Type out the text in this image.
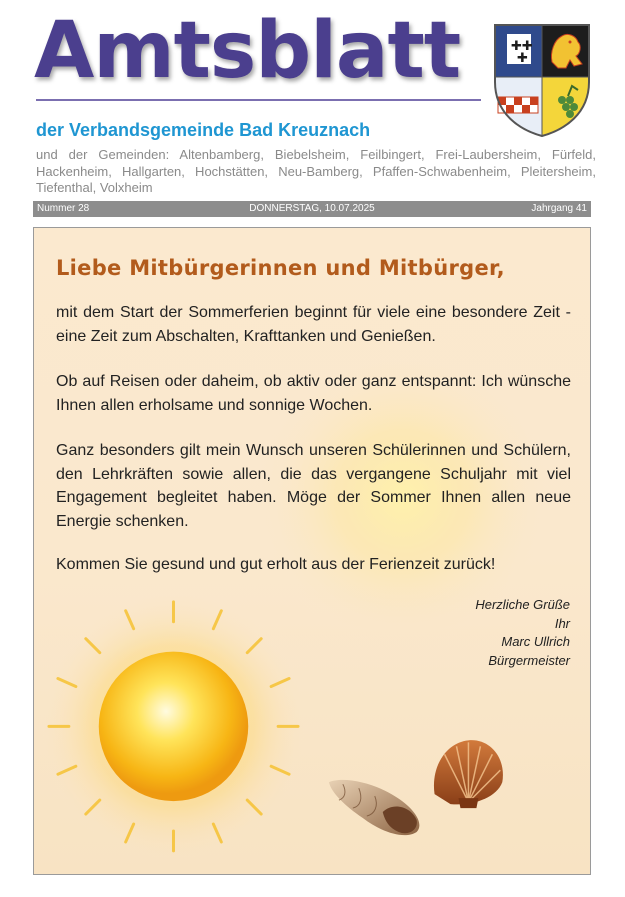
Amtsblatt

der Verbandsgemeinde Bad Kreuznach

und der Gemeinden: Altenbamberg, Biebelsheim, Feilbingert, Frei-Laubersheim, Fürfeld, Hackenheim, Hallgarten, Hochstätten, Neu-Bamberg, Pfaffen-Schwabenheim, Pleitersheim, Tiefenthal, Volxheim

✚✚
✚
DONNERSTAG, 10.07.2025
Nummer 28	Jahrgang 41
Liebe Mitbürgerinnen und Mitbürger,

mit dem Start der Sommerferien beginnt für viele eine besondere Zeit - eine Zeit zum Abschalten, Krafttanken und Genießen.

Ob auf Reisen oder daheim, ob aktiv oder ganz entspannt: Ich wünsche Ihnen allen erholsame und sonnige Wochen.

Ganz besonders gilt mein Wunsch unseren Schülerinnen und Schülern, den Lehrkräften sowie allen, die das vergangene Schuljahr mit viel Engagement begleitet haben. Möge der Sommer Ihnen allen neue Energie schenken.

Kommen Sie gesund und gut erholt aus der Ferienzeit zurück!

Herzliche Grüße
Ihr
Marc Ullrich
Bürgermeister
